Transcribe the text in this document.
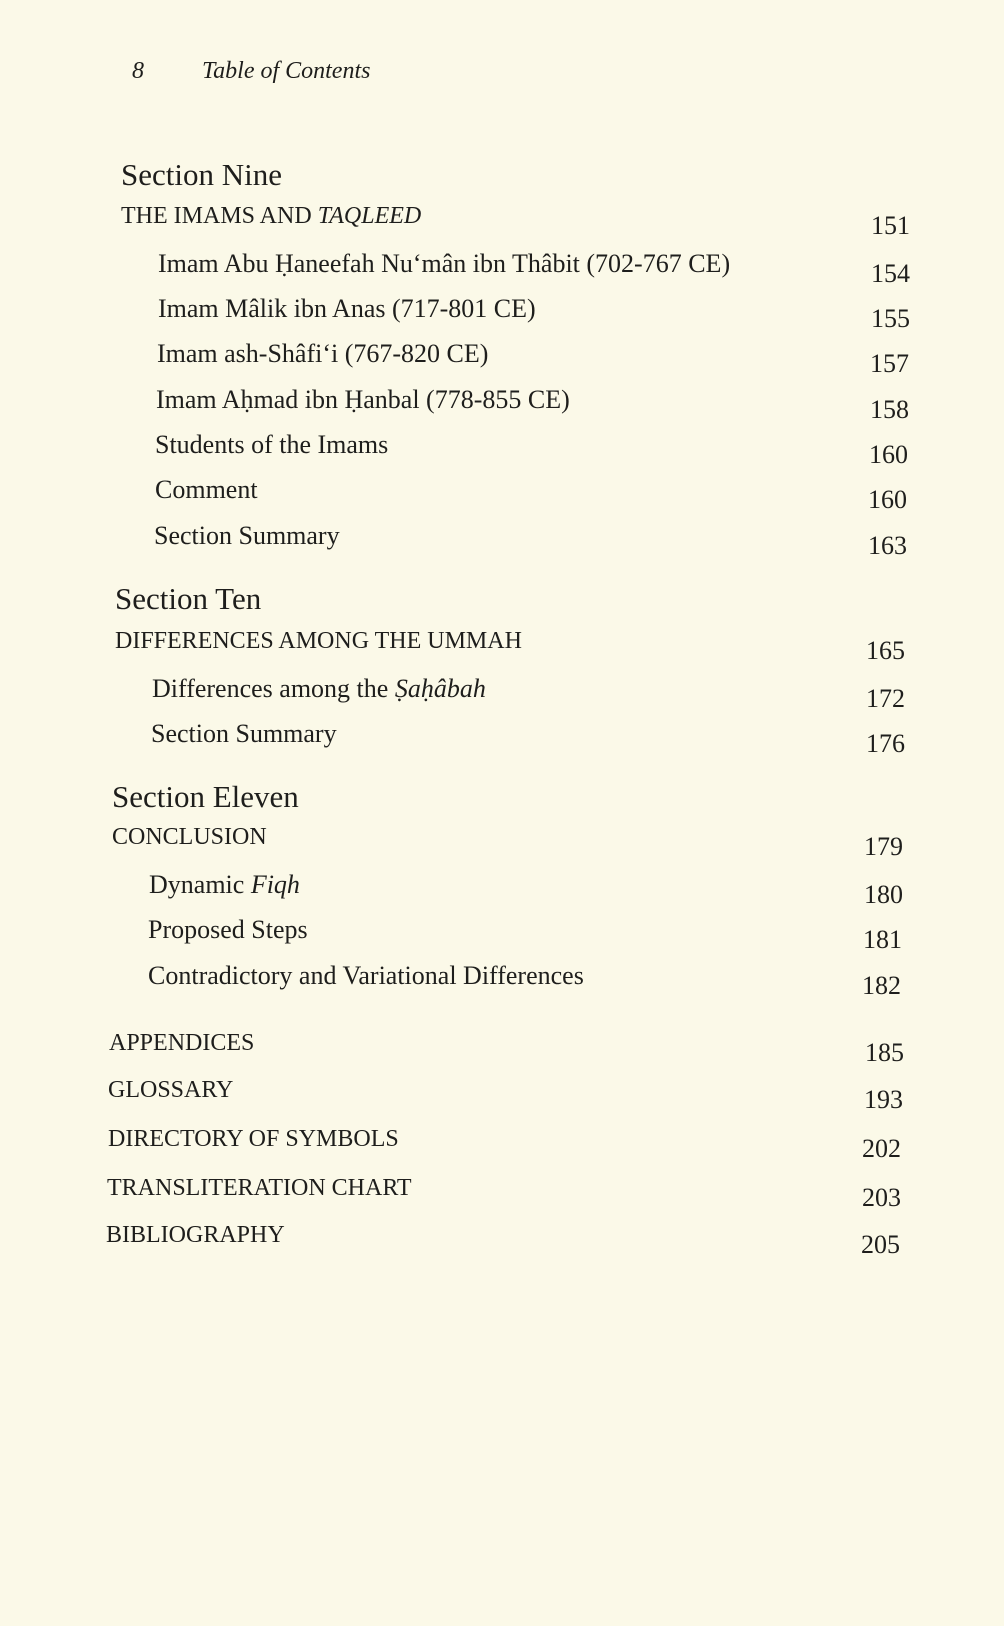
8 Table of Contents
Section Nine
THE IMAMS AND TAQLEED	151
Imam Abu Ḥaneefah Nu‘mân ibn Thâbit (702-767 CE)	154
Imam Mâlik ibn Anas (717-801 CE)	155
Imam ash-Shâfi‘i (767-820 CE)	157
Imam Aḥmad ibn Ḥanbal (778-855 CE)	158
Students of the Imams	160
Comment	160
Section Summary	163
Section Ten
DIFFERENCES AMONG THE UMMAH	165
Differences among the Ṣaḥâbah	172
Section Summary	176
Section Eleven
CONCLUSION	179
Dynamic Fiqh	180
Proposed Steps	181
Contradictory and Variational Differences	182
APPENDICES	185
GLOSSARY	193
DIRECTORY OF SYMBOLS	202
TRANSLITERATION CHART	203
BIBLIOGRAPHY	205
